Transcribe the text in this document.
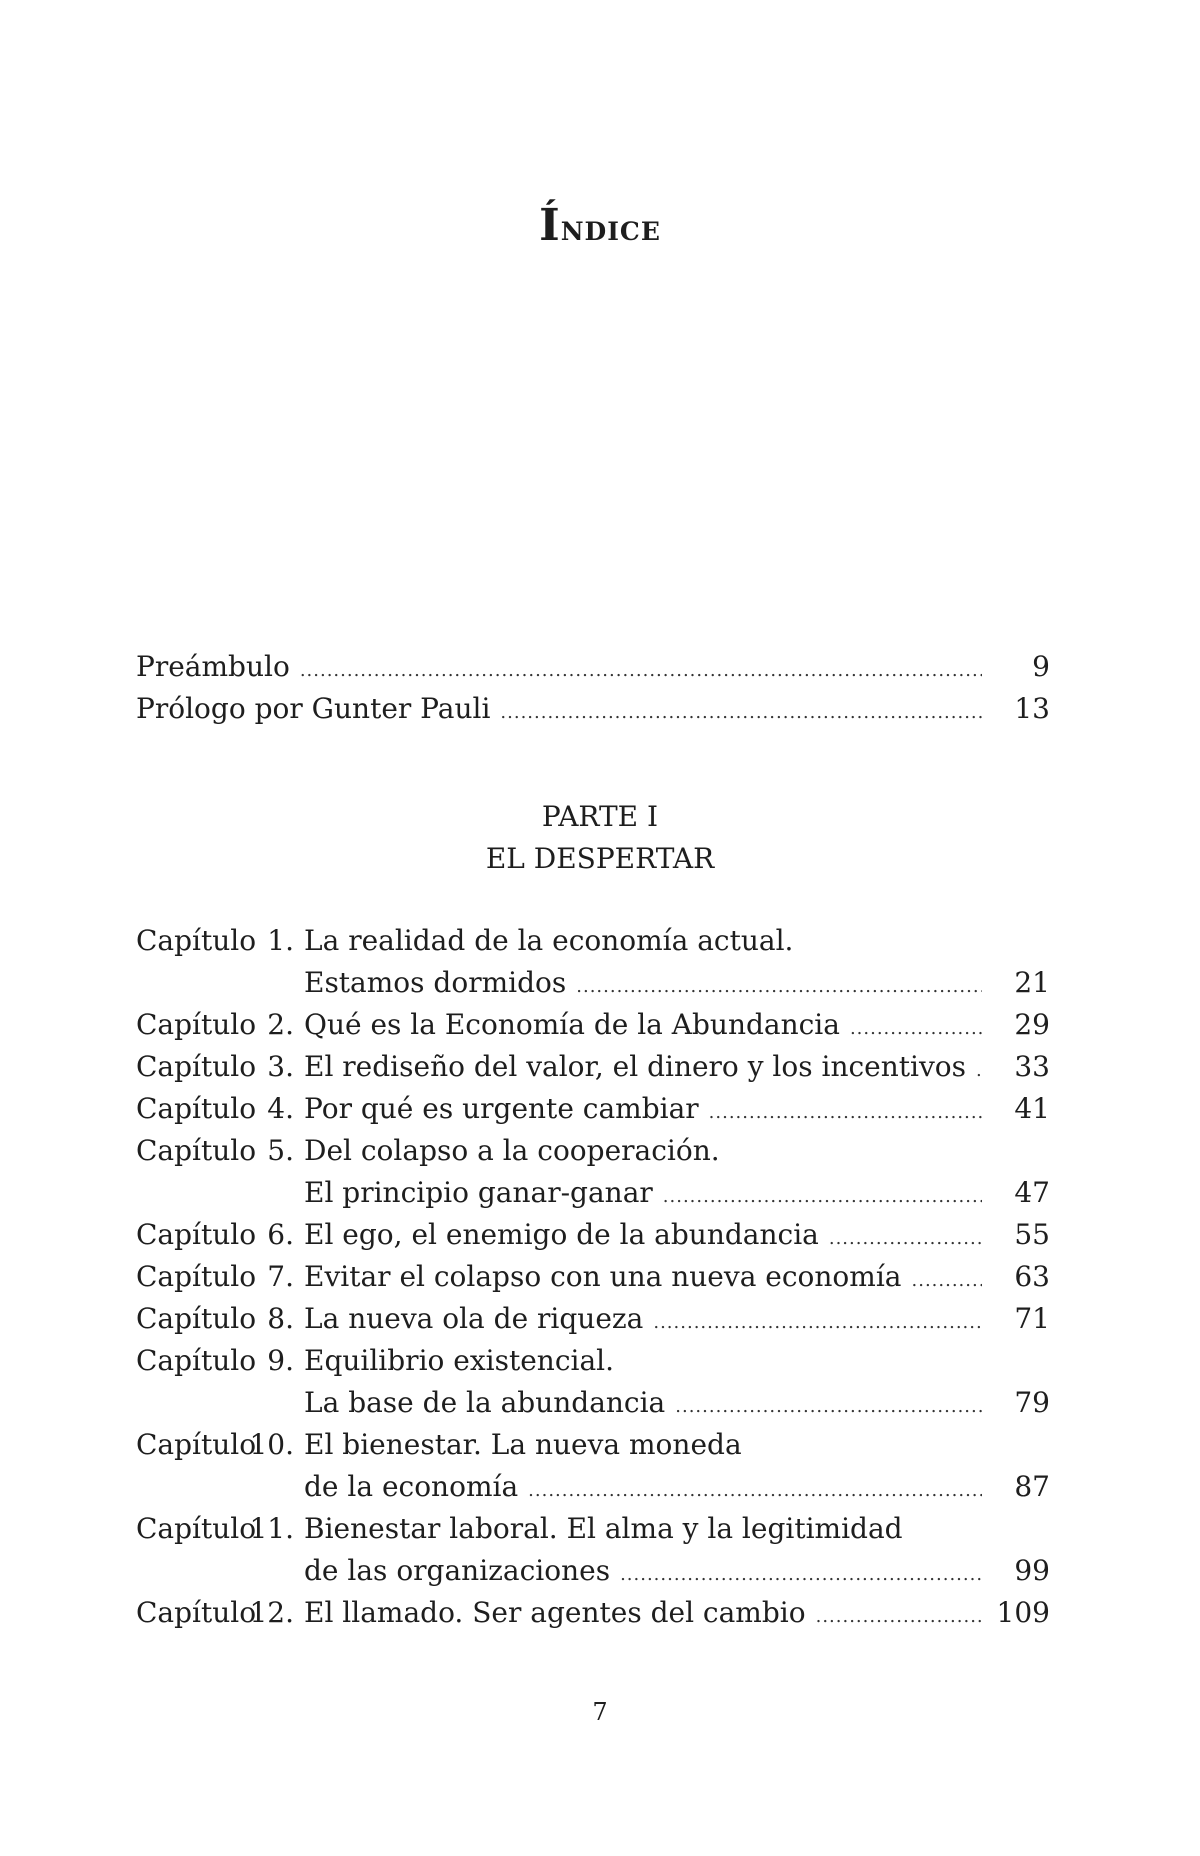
Índice
Preámbulo .....	9
Prólogo por Gunter Pauli .....	13
PARTE I
EL DESPERTAR
Capítulo 1. La realidad de la economía actual.
Estamos dormidos .....	21
Capítulo 2. Qué es la Economía de la Abundancia .....	29
Capítulo 3. El rediseño del valor, el dinero y los incentivos .....	33
Capítulo 4. Por qué es urgente cambiar .....	41
Capítulo 5. Del colapso a la cooperación.
El principio ganar-ganar .....	47
Capítulo 6. El ego, el enemigo de la abundancia .....	55
Capítulo 7. Evitar el colapso con una nueva economía .....	63
Capítulo 8. La nueva ola de riqueza .....	71
Capítulo 9. Equilibrio existencial.
La base de la abundancia .....	79
Capítulo
10. El bienestar. La nueva moneda
de la economía .....	87
Capítulo
11. Bienestar laboral. El alma y la legitimidad
de las organizaciones .....	99
Capítulo
12. El llamado. Ser agentes del cambio .....	109
7
